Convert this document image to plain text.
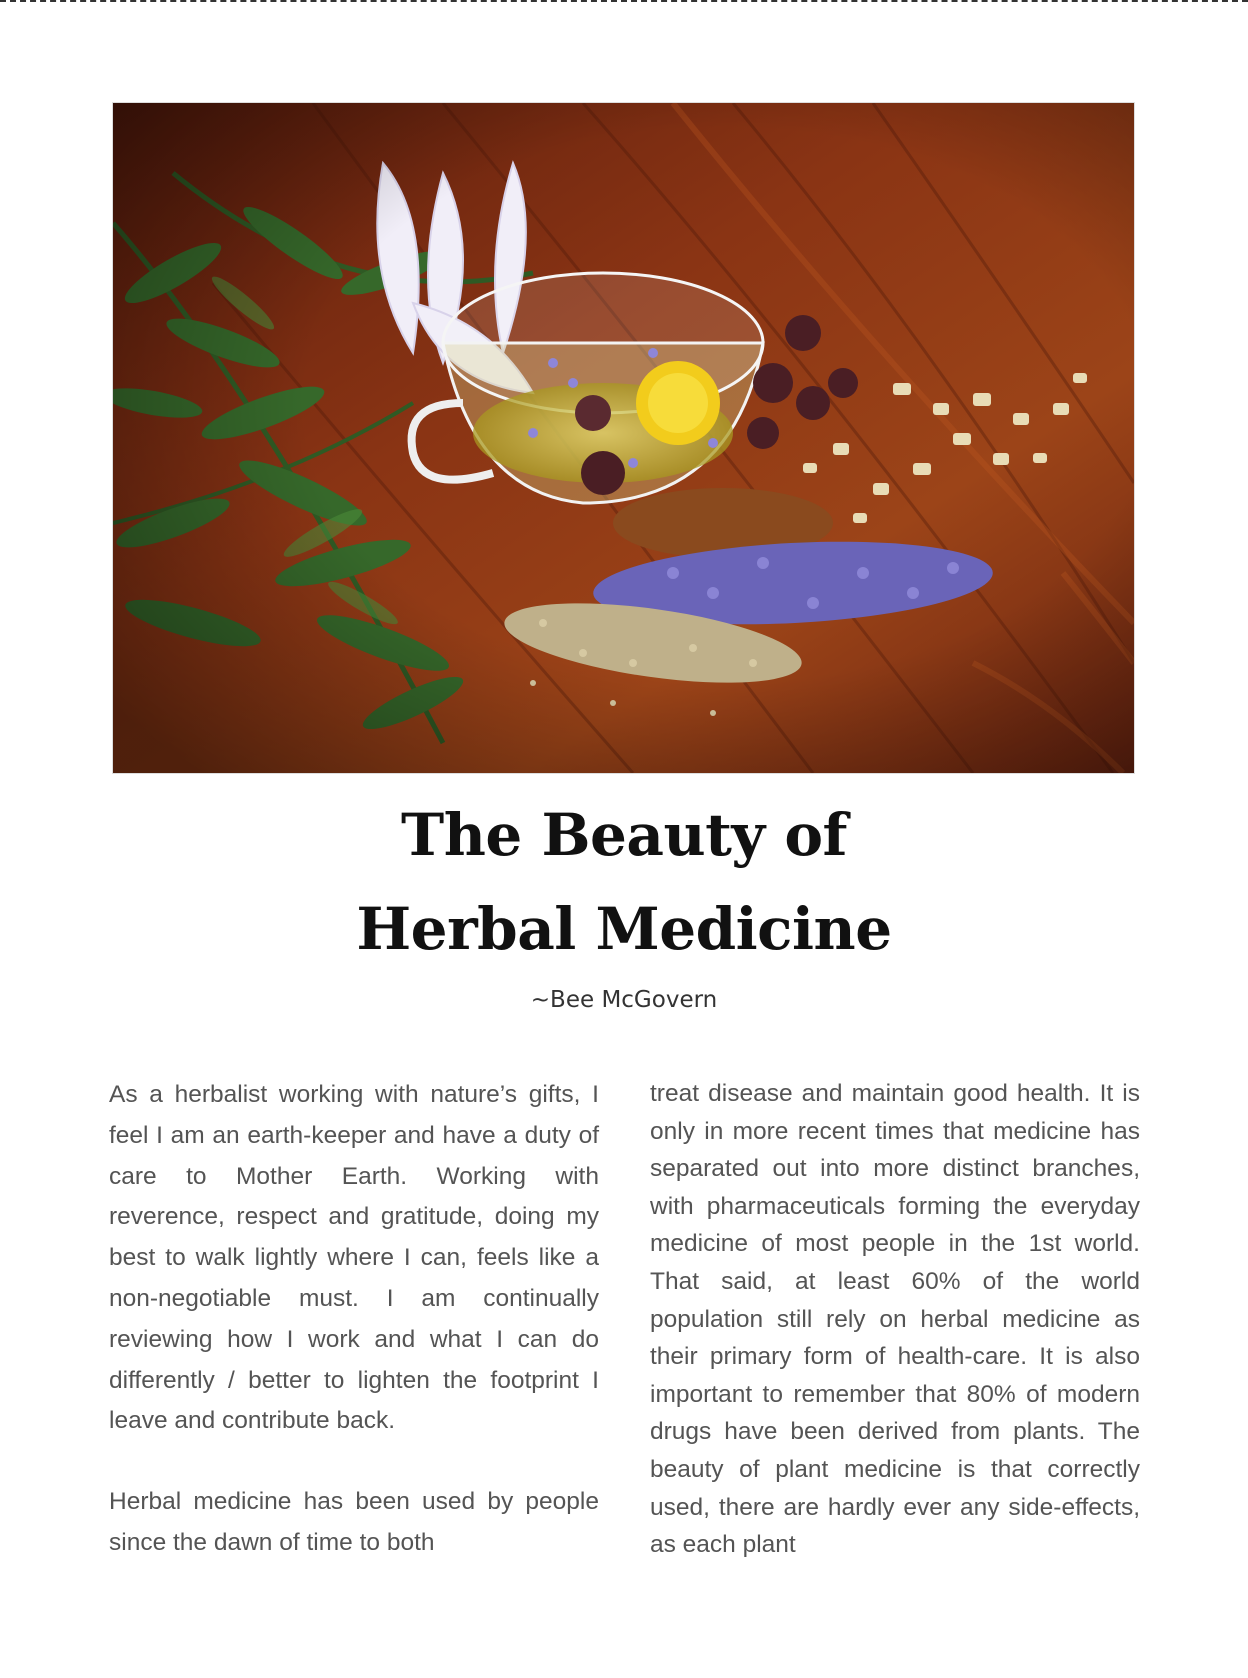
The Beauty of
Herbal Medicine
~Bee McGovern

As a herbalist working with nature’s gifts, I feel I am an earth-keeper and have a duty of care to Mother Earth. Working with reverence, respect and gratitude, doing my best to walk lightly where I can, feels like a non-negotiable must. I am continually reviewing how I work and what I can do differently / better to lighten the footprint I leave and contribute back.

Herbal medicine has been used by people since the dawn of time to both

treat disease and maintain good health. It is only in more recent times that medicine has separated out into more distinct branches, with pharmaceuticals forming the everyday medicine of most people in the 1st world. That said, at least 60% of the world population still rely on herbal medicine as their primary form of health-care. It is also important to remember that 80% of modern drugs have been derived from plants. The beauty of plant medicine is that correctly used, there are hardly ever any side-effects, as each plant
